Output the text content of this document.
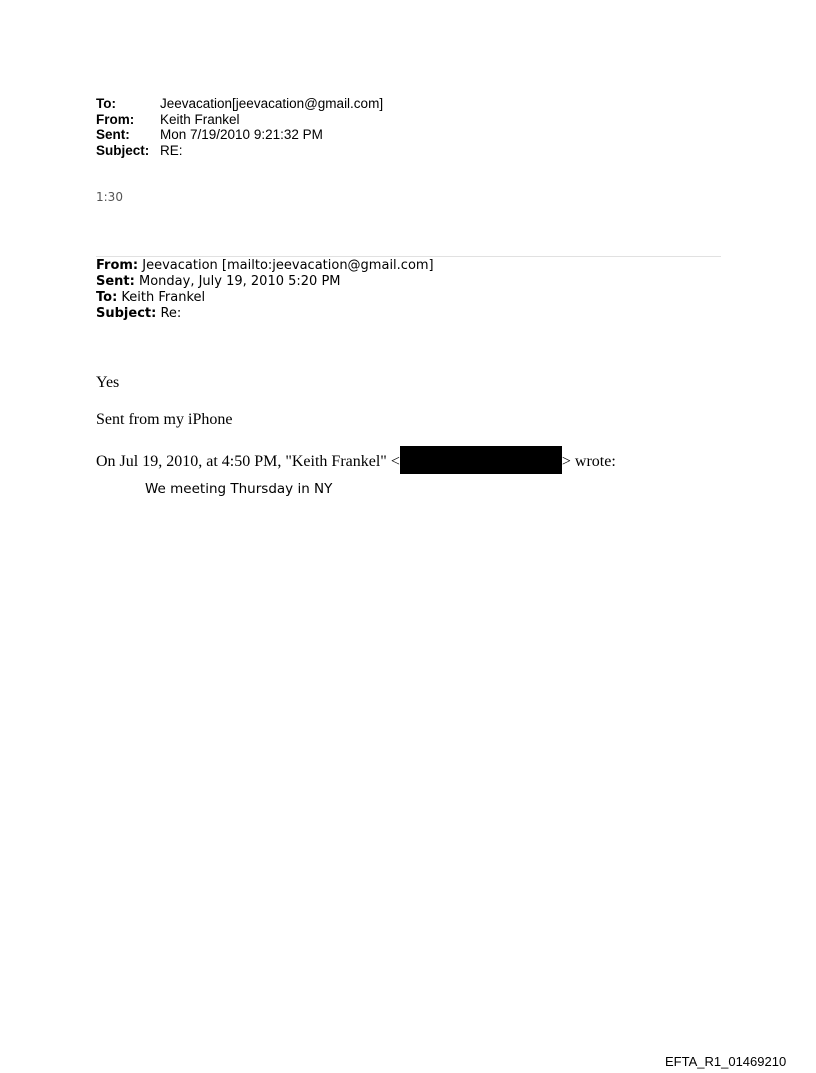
To:	Jeevacation[jeevacation@gmail.com]
From:	Keith Frankel
Sent:	Mon 7/19/2010 9:21:32 PM
Subject: RE:
1:30
From: Jeevacation [mailto:jeevacation@gmail.com]
Sent: Monday, July 19, 2010 5:20 PM
To: Keith Frankel
Subject: Re:
Yes
Sent from my iPhone
On Jul 19, 2010, at 4:50 PM, "Keith Frankel" <	> wrote:
We meeting Thursday in NY
EFTA_R1_01469210
